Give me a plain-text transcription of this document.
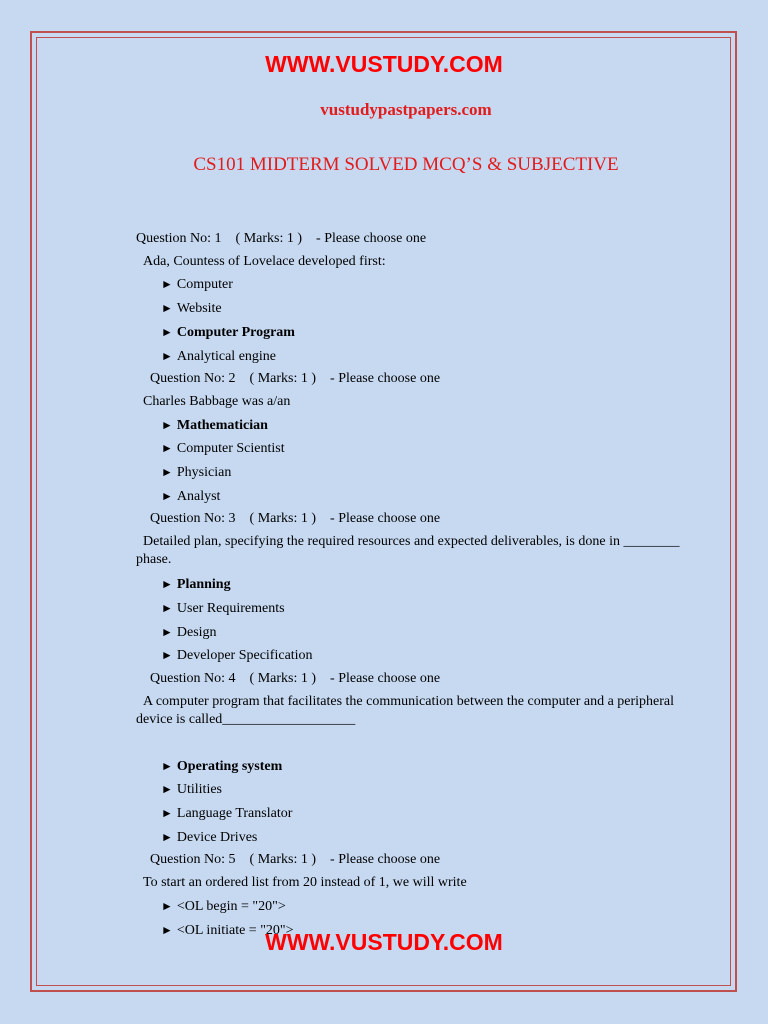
WWW.VUSTUDY.COM
vustudypastpapers.com
CS101 MIDTERM SOLVED MCQ’S & SUBJECTIVE
Question No: 1    ( Marks: 1 )    - Please choose one
Ada, Countess of Lovelace developed first:
► Computer
► Website
► Computer Program
► Analytical engine
Question No: 2    ( Marks: 1 )    - Please choose one
Charles Babbage was a/an
► Mathematician
► Computer Scientist
► Physician
► Analyst
Question No: 3    ( Marks: 1 )    - Please choose one
Detailed plan, specifying the required resources and expected deliverables, is done in ________ phase.
► Planning
► User Requirements
► Design
► Developer Specification
Question No: 4    ( Marks: 1 )    - Please choose one
A computer program that facilitates the communication between the computer and a peripheral device is called___________________
► Operating system
► Utilities
► Language Translator
► Device Drives
Question No: 5    ( Marks: 1 )    - Please choose one
To start an ordered list from 20 instead of 1, we will write
► <OL begin = "20">
► <OL initiate = "20">
WWW.VUSTUDY.COM
